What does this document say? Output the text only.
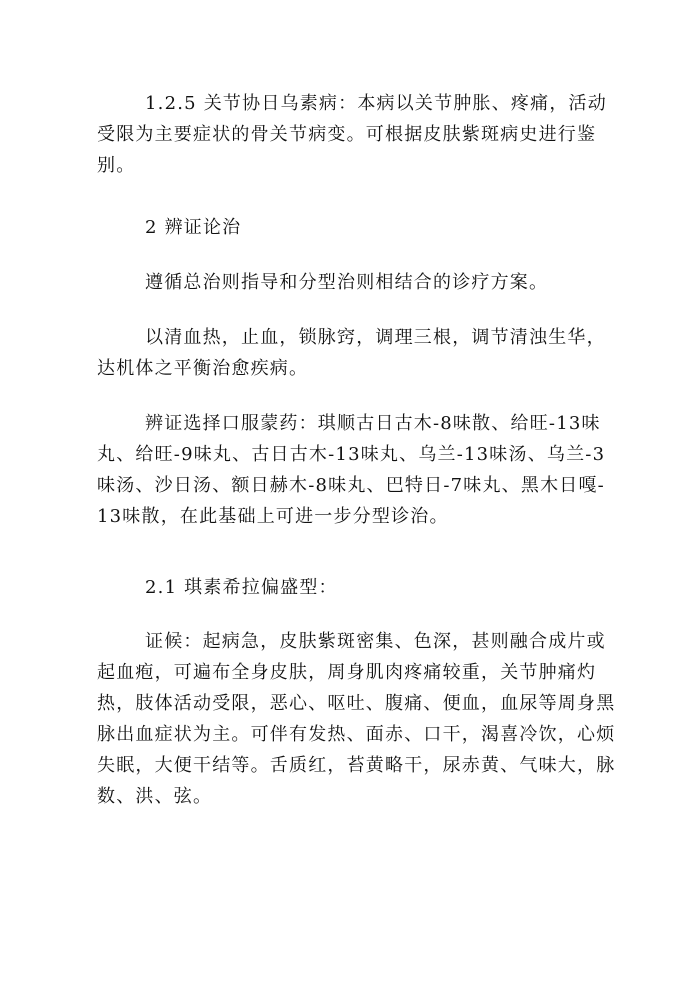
1.2.5 关节协日乌素病：本病以关节肿胀、疼痛，活动受限为主要症状的骨关节病变。可根据皮肤紫斑病史进行鉴别。

2 辨证论治

遵循总治则指导和分型治则相结合的诊疗方案。

以清血热，止血，锁脉窍，调理三根，调节清浊生华，达机体之平衡治愈疾病。

辨证选择口服蒙药：琪顺古日古木-8味散、给旺-13味丸、给旺-9味丸、古日古木-13味丸、乌兰-13味汤、乌兰-3味汤、沙日汤、额日赫木-8味丸、巴特日-7味丸、黑木日嘎-13味散，在此基础上可进一步分型诊治。

2.1 琪素希拉偏盛型：

证候：起病急，皮肤紫斑密集、色深，甚则融合成片或起血疱，可遍布全身皮肤，周身肌肉疼痛较重，关节肿痛灼热，肢体活动受限，恶心、呕吐、腹痛、便血，血尿等周身黑脉出血症状为主。可伴有发热、面赤、口干，渴喜冷饮，心烦失眠，大便干结等。舌质红，苔黄略干，尿赤黄、气味大，脉数、洪、弦。
